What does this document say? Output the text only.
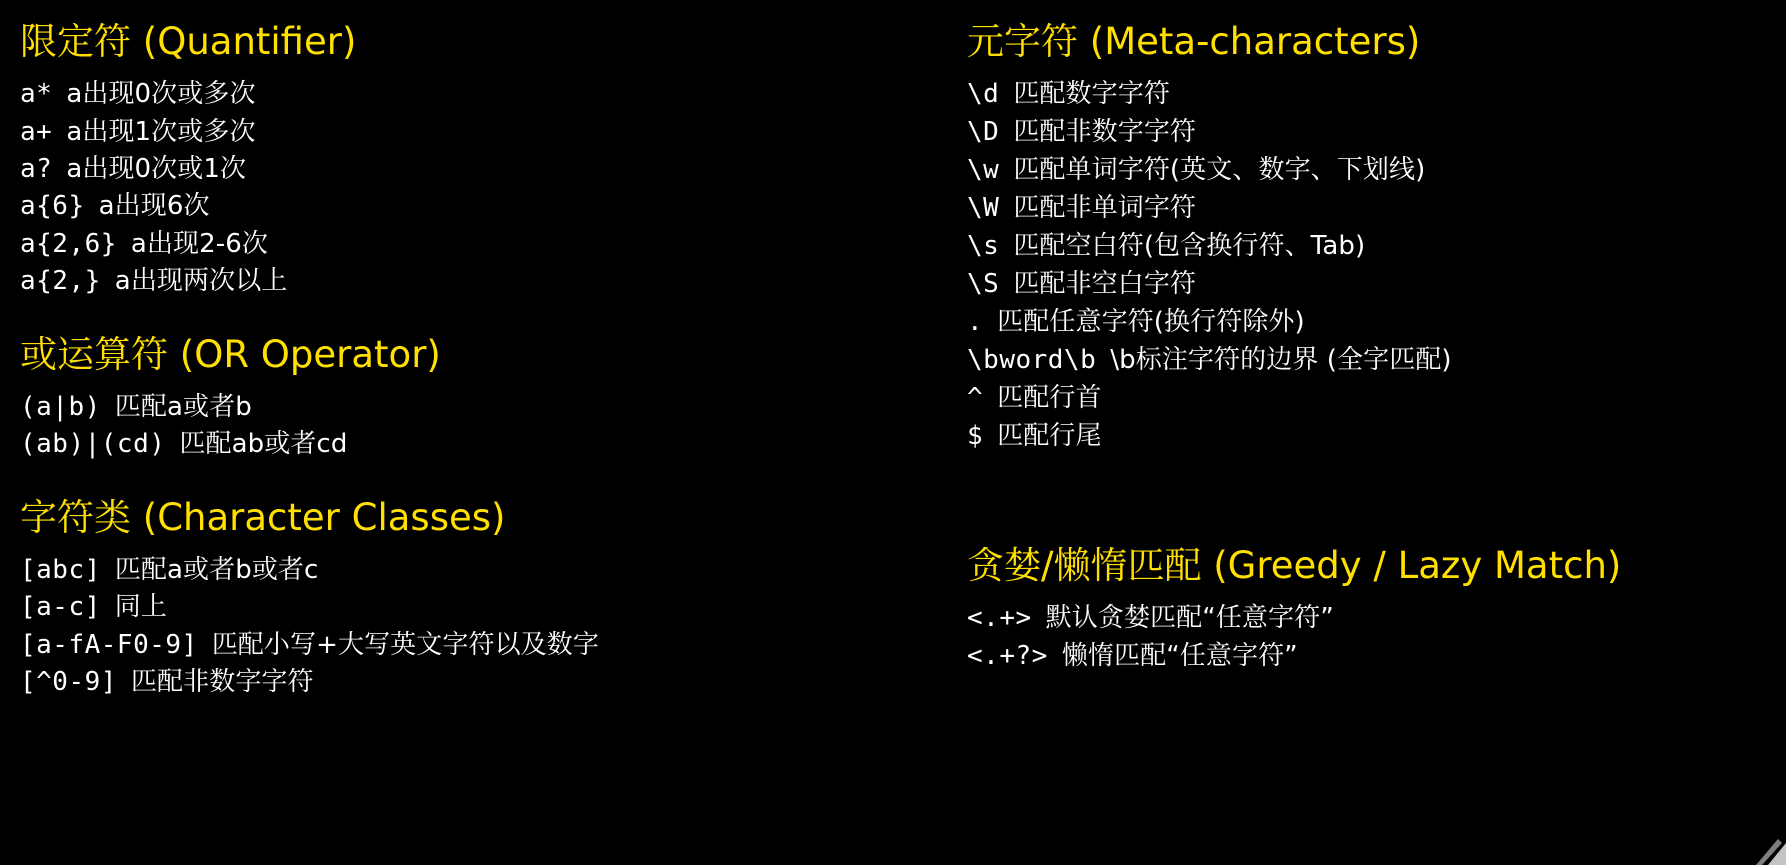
限定符 (Quantifier)
a* a出现0次或多次
a+ a出现1次或多次
a? a出现0次或1次
a{6} a出现6次
a{2,6} a出现2-6次
a{2,} a出现两次以上
或运算符 (OR Operator)
(a|b) 匹配a或者b
(ab)|(cd) 匹配ab或者cd
字符类 (Character Classes)
[abc] 匹配a或者b或者c
[a-c] 同上
[a-fA-F0-9] 匹配小写+大写英文字符以及数字
[^0-9] 匹配非数字字符
元字符 (Meta-characters)
\d 匹配数字字符
\D 匹配非数字字符
\w 匹配单词字符(英文、数字、下划线)
\W 匹配非单词字符
\s 匹配空白符(包含换行符、Tab)
\S 匹配非空白字符
. 匹配任意字符(换行符除外)
\bword\b \b标注字符的边界 (全字匹配)
^ 匹配行首
$ 匹配行尾
贪婪/懒惰匹配 (Greedy / Lazy Match)
<.+> 默认贪婪匹配“任意字符”
<.+?> 懒惰匹配“任意字符”
